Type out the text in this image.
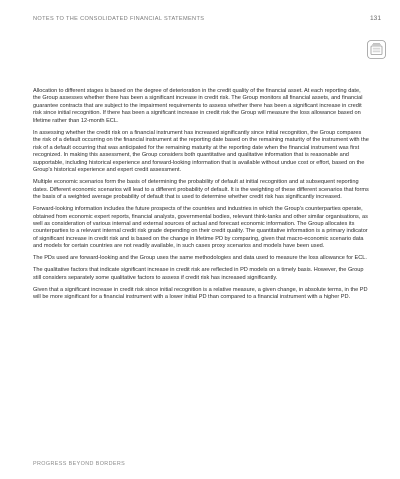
NOTES TO THE CONSOLIDATED FINANCIAL STATEMENTS	131

Allocation to different stages is based on the degree of deterioration in the credit quality of the financial asset. At each reporting date, the Group assesses whether there has been a significant increase in credit risk. The Group monitors all financial assets, and financial guarantee contracts that are subject to the impairment requirements to assess whether there has been a significant increase in credit risk since initial recognition. If there has been a significant increase in credit risk the Group will measure the loss allowance based on lifetime rather than 12-month ECL.

In assessing whether the credit risk on a financial instrument has increased significantly since initial recognition, the Group compares the risk of a default occurring on the financial instrument at the reporting date based on the remaining maturity of the instrument with the risk of a default occurring that was anticipated for the remaining maturity at the reporting date when the financial instrument was first recognized. In making this assessment, the Group considers both quantitative and qualitative information that is reasonable and supportable, including historical experience and forward-looking information that is available without undue cost or effort, based on the Group's historical experience and expert credit assessment.

Multiple economic scenarios form the basis of determining the probability of default at initial recognition and at subsequent reporting dates. Different economic scenarios will lead to a different probability of default. It is the weighting of these different scenarios that forms the basis of a weighted average probability of default that is used to determine whether credit risk has significantly increased.

Forward-looking information includes the future prospects of the countries and industries in which the Group's counterparties operate, obtained from economic expert reports, financial analysts, governmental bodies, relevant think-tanks and other similar organisations, as well as consideration of various internal and external sources of actual and forecast economic information. The Group allocates its counterparties to a relevant internal credit risk grade depending on their credit quality. The quantitative information is a primary indicator of significant increase in credit risk and is based on the change in lifetime PD by comparing, given that macro-economic scenario data and models for certain countries are not readily available, in such cases proxy scenarios and models have been used.

The PDs used are forward-looking and the Group uses the same methodologies and data used to measure the loss allowance for ECL.

The qualitative factors that indicate significant increase in credit risk are reflected in PD models on a timely basis. However, the Group still considers separately some qualitative factors to assess if credit risk has increased significantly.

Given that a significant increase in credit risk since initial recognition is a relative measure, a given change, in absolute terms, in the PD will be more significant for a financial instrument with a lower initial PD than compared to a financial instrument with a higher PD.

PROGRESS BEYOND BORDERS
